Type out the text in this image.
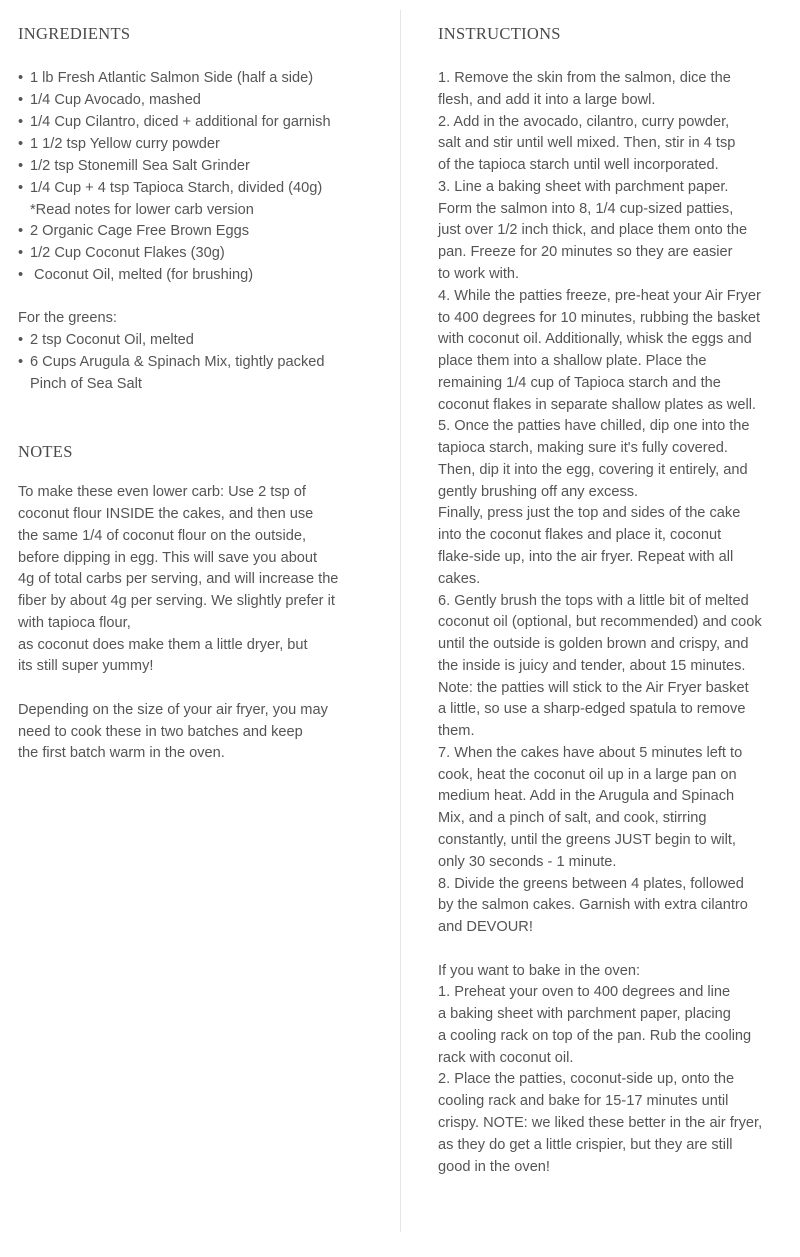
INGREDIENTS
• 1 lb Fresh Atlantic Salmon Side (half a side)
• 1/4 Cup Avocado, mashed
• 1/4 Cup Cilantro, diced + additional for garnish
• 1 1/2 tsp Yellow curry powder
• 1/2 tsp Stonemill Sea Salt Grinder
• 1/4 Cup + 4 tsp Tapioca Starch, divided (40g)
*Read notes for lower carb version
• 2 Organic Cage Free Brown Eggs
• 1/2 Cup Coconut Flakes (30g)
• Coconut Oil, melted (for brushing)
For the greens:
• 2 tsp Coconut Oil, melted
• 6 Cups Arugula & Spinach Mix, tightly packed
Pinch of Sea Salt
NOTES
To make these even lower carb: Use 2 tsp of
coconut flour INSIDE the cakes, and then use
the same 1/4 of coconut flour on the outside,
before dipping in egg. This will save you about
4g of total carbs per serving, and will increase the
fiber by about 4g per serving. We slightly prefer it
with tapioca flour,
as coconut does make them a little dryer, but
its still super yummy!
Depending on the size of your air fryer, you may
need to cook these in two batches and keep
the first batch warm in the oven.
INSTRUCTIONS
1. Remove the skin from the salmon, dice the
flesh, and add it into a large bowl.
2. Add in the avocado, cilantro, curry powder,
salt and stir until well mixed. Then, stir in 4 tsp
of the tapioca starch until well incorporated.
3. Line a baking sheet with parchment paper.
Form the salmon into 8, 1/4 cup-sized patties,
just over 1/2 inch thick, and place them onto the
pan. Freeze for 20 minutes so they are easier
to work with.
4. While the patties freeze, pre-heat your Air Fryer
to 400 degrees for 10 minutes, rubbing the basket
with coconut oil. Additionally, whisk the eggs and
place them into a shallow plate. Place the
remaining 1/4 cup of Tapioca starch and the
coconut flakes in separate shallow plates as well.
5. Once the patties have chilled, dip one into the
tapioca starch, making sure it's fully covered.
Then, dip it into the egg, covering it entirely, and
gently brushing off any excess.
Finally, press just the top and sides of the cake
into the coconut flakes and place it, coconut
flake-side up, into the air fryer. Repeat with all
cakes.
6. Gently brush the tops with a little bit of melted
coconut oil (optional, but recommended) and cook
until the outside is golden brown and crispy, and
the inside is juicy and tender, about 15 minutes.
Note: the patties will stick to the Air Fryer basket
a little, so use a sharp-edged spatula to remove
them.
7. When the cakes have about 5 minutes left to
cook, heat the coconut oil up in a large pan on
medium heat. Add in the Arugula and Spinach
Mix, and a pinch of salt, and cook, stirring
constantly, until the greens JUST begin to wilt,
only 30 seconds - 1 minute.
8. Divide the greens between 4 plates, followed
by the salmon cakes. Garnish with extra cilantro
and DEVOUR!
If you want to bake in the oven:
1. Preheat your oven to 400 degrees and line
a baking sheet with parchment paper, placing
a cooling rack on top of the pan. Rub the cooling
rack with coconut oil.
2. Place the patties, coconut-side up, onto the
cooling rack and bake for 15-17 minutes until
crispy. NOTE: we liked these better in the air fryer,
as they do get a little crispier, but they are still
good in the oven!
